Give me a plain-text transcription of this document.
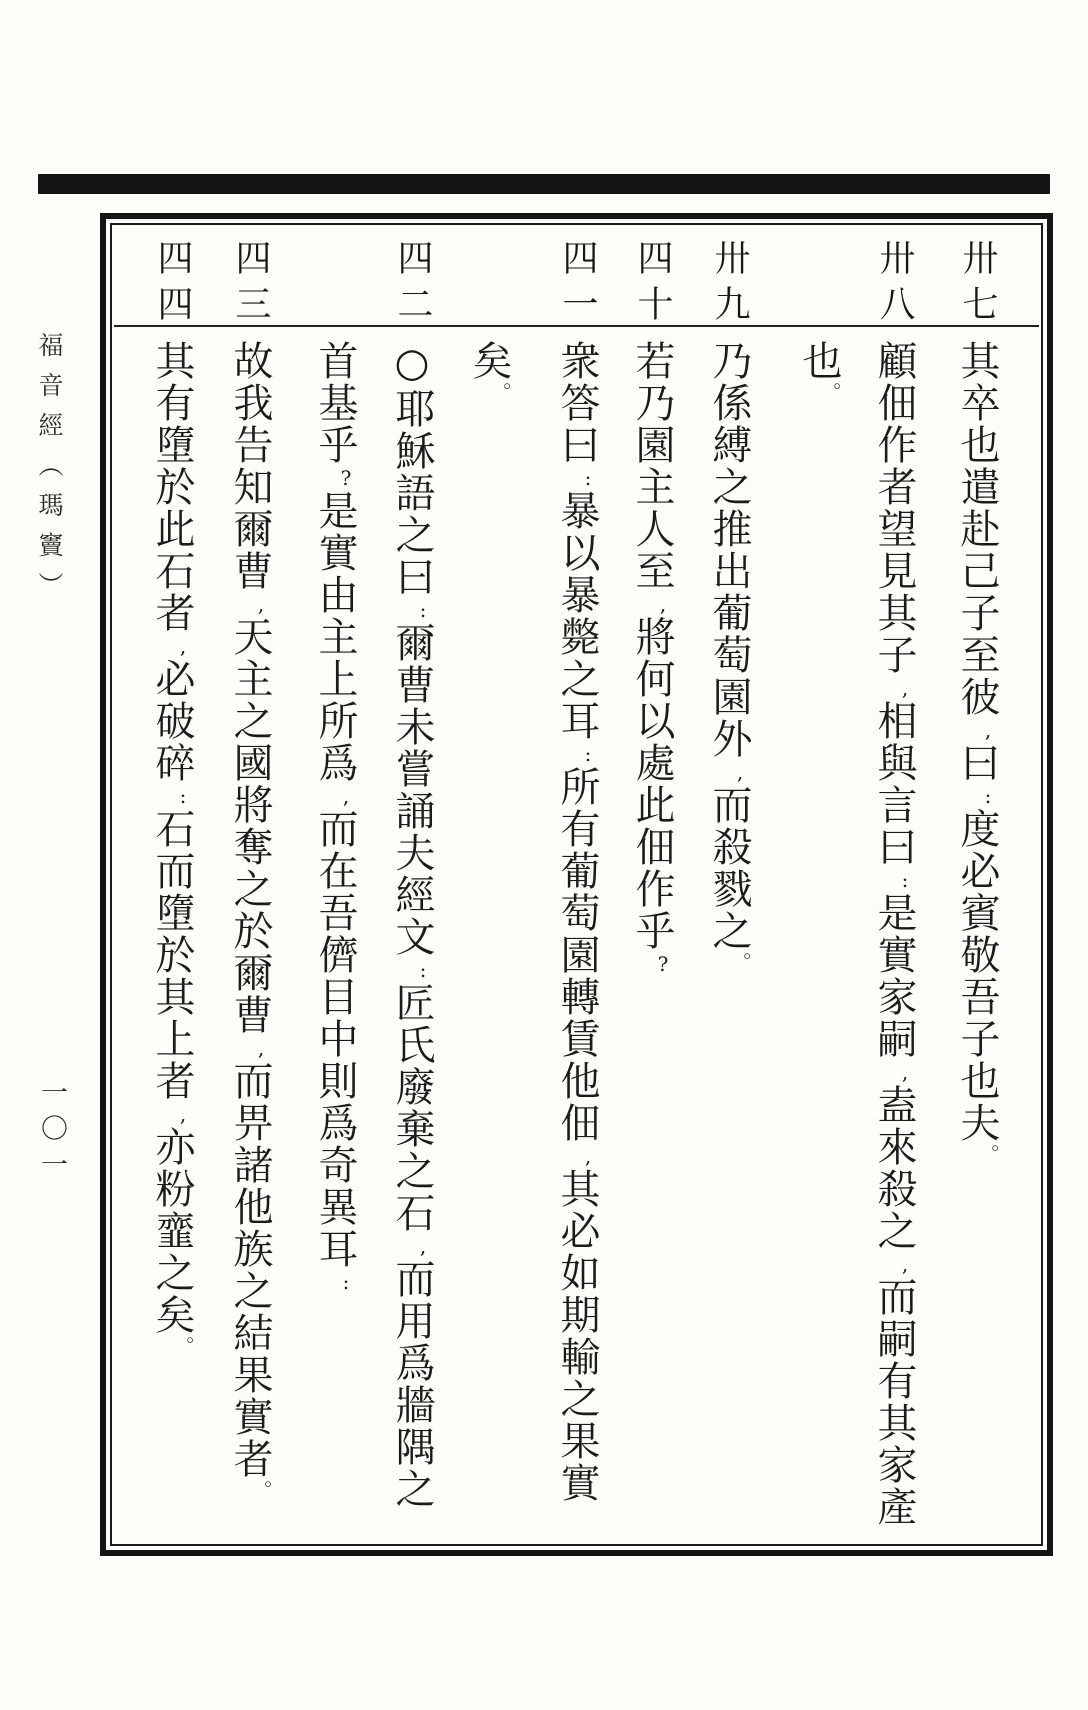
福音經（瑪竇）
一〇一
卅七
卅八
卅九
四十
四一
四二
四三
四四
其卒也遣赴己子至彼,曰:度必賓敬吾子也夫。
顧佃作者望見其子,相與言曰:是實家嗣,盍來殺之,而嗣有其家產
也。
乃係縛之推出葡萄園外,而殺戮之。
若乃園主人至,將何以處此佃作乎?
衆答曰:暴以暴斃之耳:所有葡萄園轉賃他佃,其必如期輸之果實
矣。
○耶穌語之曰:爾曹未嘗誦夫經文:匠氏廢棄之石,而用爲牆隅之
首基乎?是實由主上所爲,而在吾儕目中則爲奇異耳:
故我告知爾曹,天主之國將奪之於爾曹,而畀諸他族之結果實者。
其有墮於此石者,必破碎:石而墮於其上者,亦粉韲之矣。
